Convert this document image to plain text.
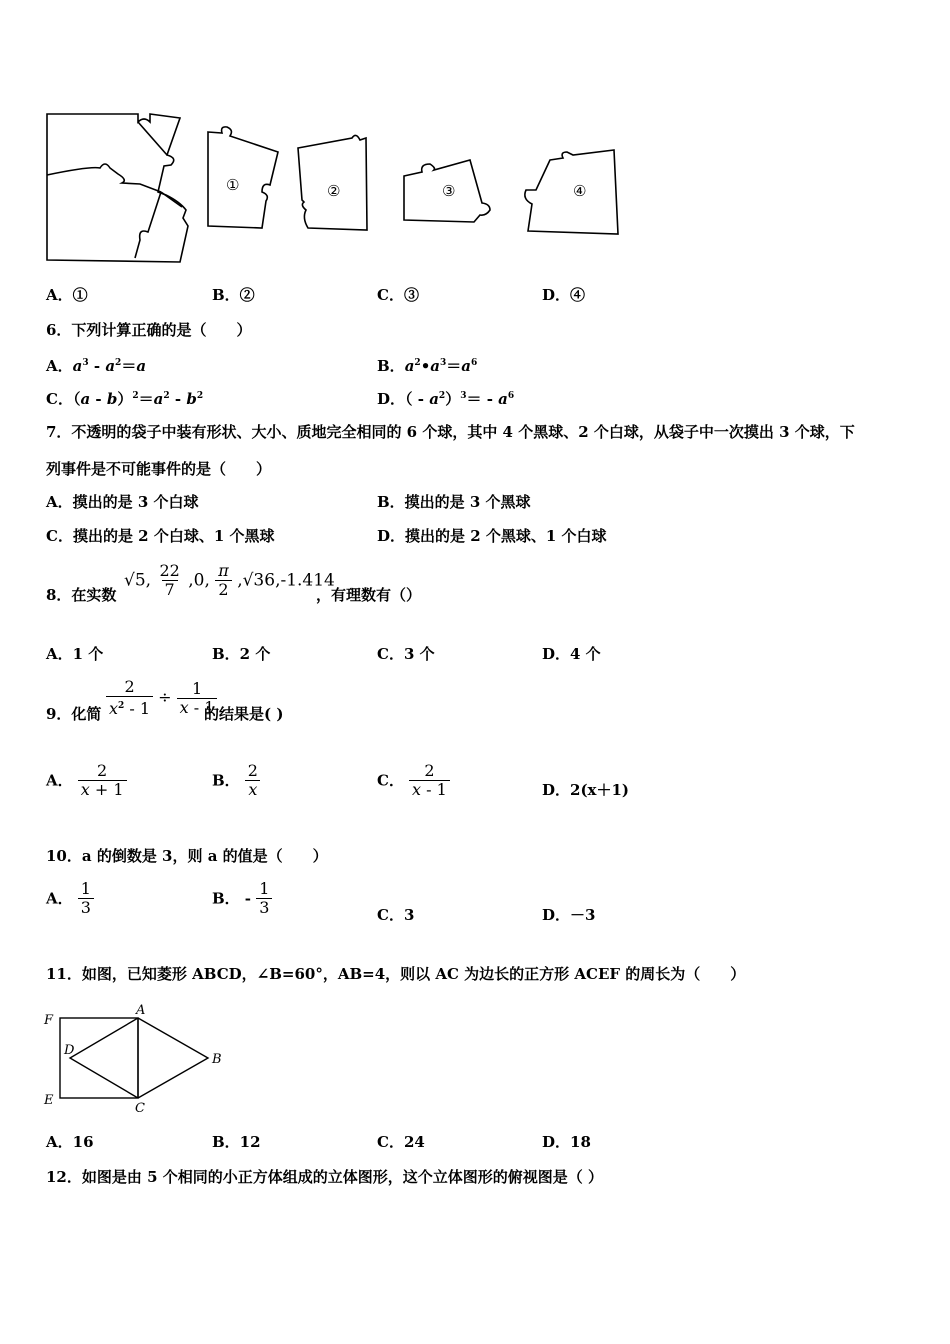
①	②	③	④
A．①	B．②	C．③	D．④
6．下列计算正确的是（　　）
A．$a^3 - a^2=a$	B．$a^2•a^3=a^6$
C．$(a - b)^2=a^2 - b^2$	D．（ - $a^2)^3= - a^6$
7．不透明的袋子中装有形状、大小、质地完全相同的 6 个球，其中 4 个黑球、2 个白球，从袋子中一次摸出 3 个球，下
列事件是不可能事件的是（　　）
A．摸出的是 3 个白球	B．摸出的是 3 个黑球
C．摸出的是 2 个白球、1 个黑球	D．摸出的是 2 个黑球、1 个白球
8．在实数
√5, $\frac{22}{7} ,0$, $\frac{\pi}{2} ,√36,-1.414$
，有理数有（）
A．1 个	B．2 个	C．3 个	D．4 个
9．化简 $\frac{2}{x^2 - 1} \div \frac{1}{x - 1}$
的结果是( )
A． $\frac{2}{x + 1}$	B． $\frac{2}{x}$	C． $\frac{2}{x - 1}$	D．2(x＋1)
10．a 的倒数是 3，则 a 的值是（　　）
A． $\frac{1}{3}$	B． - $\frac{1}{3}$	C．3	D．－3
11．如图，已知菱形 ABCD，∠B=60°，AB=4，则以 AC 为边长的正方形 ACEF 的周长为（　　）
F
A
D
B
E
C
A．16	B．12	C．24	D．18
12．如图是由 5 个相同的小正方体组成的立体图形，这个立体图形的俯视图是（ ）
